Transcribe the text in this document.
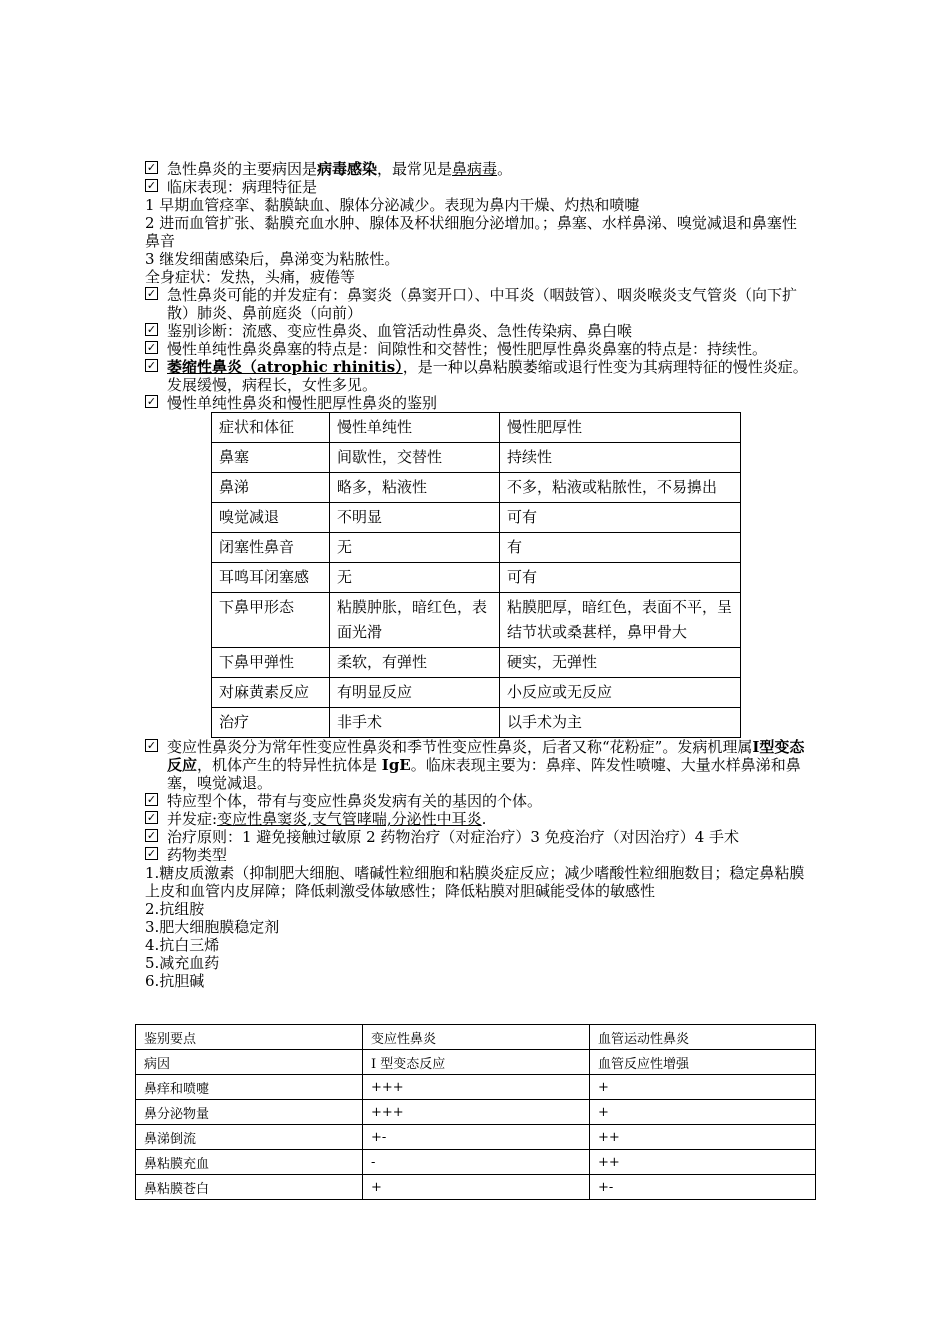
✓ 急性鼻炎的主要病因是病毒感染，最常见是鼻病毒。
✓ 临床表现：病理特征是

1 早期血管痉挛、黏膜缺血、腺体分泌减少。表现为鼻内干燥、灼热和喷嚏

2 进而血管扩张、黏膜充血水肿、腺体及杯状细胞分泌增加。；鼻塞、水样鼻涕、嗅觉减退和鼻塞性鼻音

3 继发细菌感染后，鼻涕变为粘脓性。

全身症状：发热，头痛，疲倦等

✓ 急性鼻炎可能的并发症有：鼻窦炎（鼻窦开口）、中耳炎（咽鼓管）、咽炎喉炎支气管炎（向下扩散）肺炎、鼻前庭炎（向前）
✓ 鉴别诊断：流感、变应性鼻炎、血管活动性鼻炎、急性传染病、鼻白喉
✓ 慢性单纯性鼻炎鼻塞的特点是：间隙性和交替性；慢性肥厚性鼻炎鼻塞的特点是：持续性。
✓ 萎缩性鼻炎（atrophic rhinitis），是一种以鼻粘膜萎缩或退行性变为其病理特征的慢性炎症。发展缓慢，病程长，女性多见。
✓ 慢性单纯性鼻炎和慢性肥厚性鼻炎的鉴别
症状和体征	慢性单纯性	慢性肥厚性
鼻塞	间歇性，交替性	持续性
鼻涕	略多，粘液性	不多，粘液或粘脓性，不易擤出
嗅觉减退	不明显	可有
闭塞性鼻音	无	有
耳鸣耳闭塞感	无	可有
下鼻甲形态	粘膜肿胀，暗红色，表面光滑	粘膜肥厚，暗红色，表面不平，呈结节状或桑葚样，鼻甲骨大
下鼻甲弹性	柔软，有弹性	硬实，无弹性
对麻黄素反应	有明显反应	小反应或无反应
治疗	非手术	以手术为主
✓ 变应性鼻炎分为常年性变应性鼻炎和季节性变应性鼻炎，后者又称“花粉症”。发病机理属Ⅰ型变态反应，机体产生的特异性抗体是 IgE。临床表现主要为：鼻痒、阵发性喷嚏、大量水样鼻涕和鼻塞，嗅觉减退。
✓ 特应型个体，带有与变应性鼻炎发病有关的基因的个体。
✓ 并发症:变应性鼻窦炎,支气管哮喘,分泌性中耳炎.
✓ 治疗原则：1 避免接触过敏原 2 药物治疗（对症治疗）3 免疫治疗（对因治疗）4 手术
✓ 药物类型

1.糖皮质激素（抑制肥大细胞、嗜碱性粒细胞和粘膜炎症反应；减少嗜酸性粒细胞数目；稳定鼻粘膜上皮和血管内皮屏障；降低刺激受体敏感性；降低粘膜对胆碱能受体的敏感性

2.抗组胺

3.肥大细胞膜稳定剂

4.抗白三烯

5.减充血药

6.抗胆碱

鉴别要点	变应性鼻炎	血管运动性鼻炎
病因	I 型变态反应	血管反应性增强
鼻痒和喷嚏	+++	+
鼻分泌物量	+++	+
鼻涕倒流	+-	++
鼻粘膜充血	-	++
鼻粘膜苍白	+	+-
